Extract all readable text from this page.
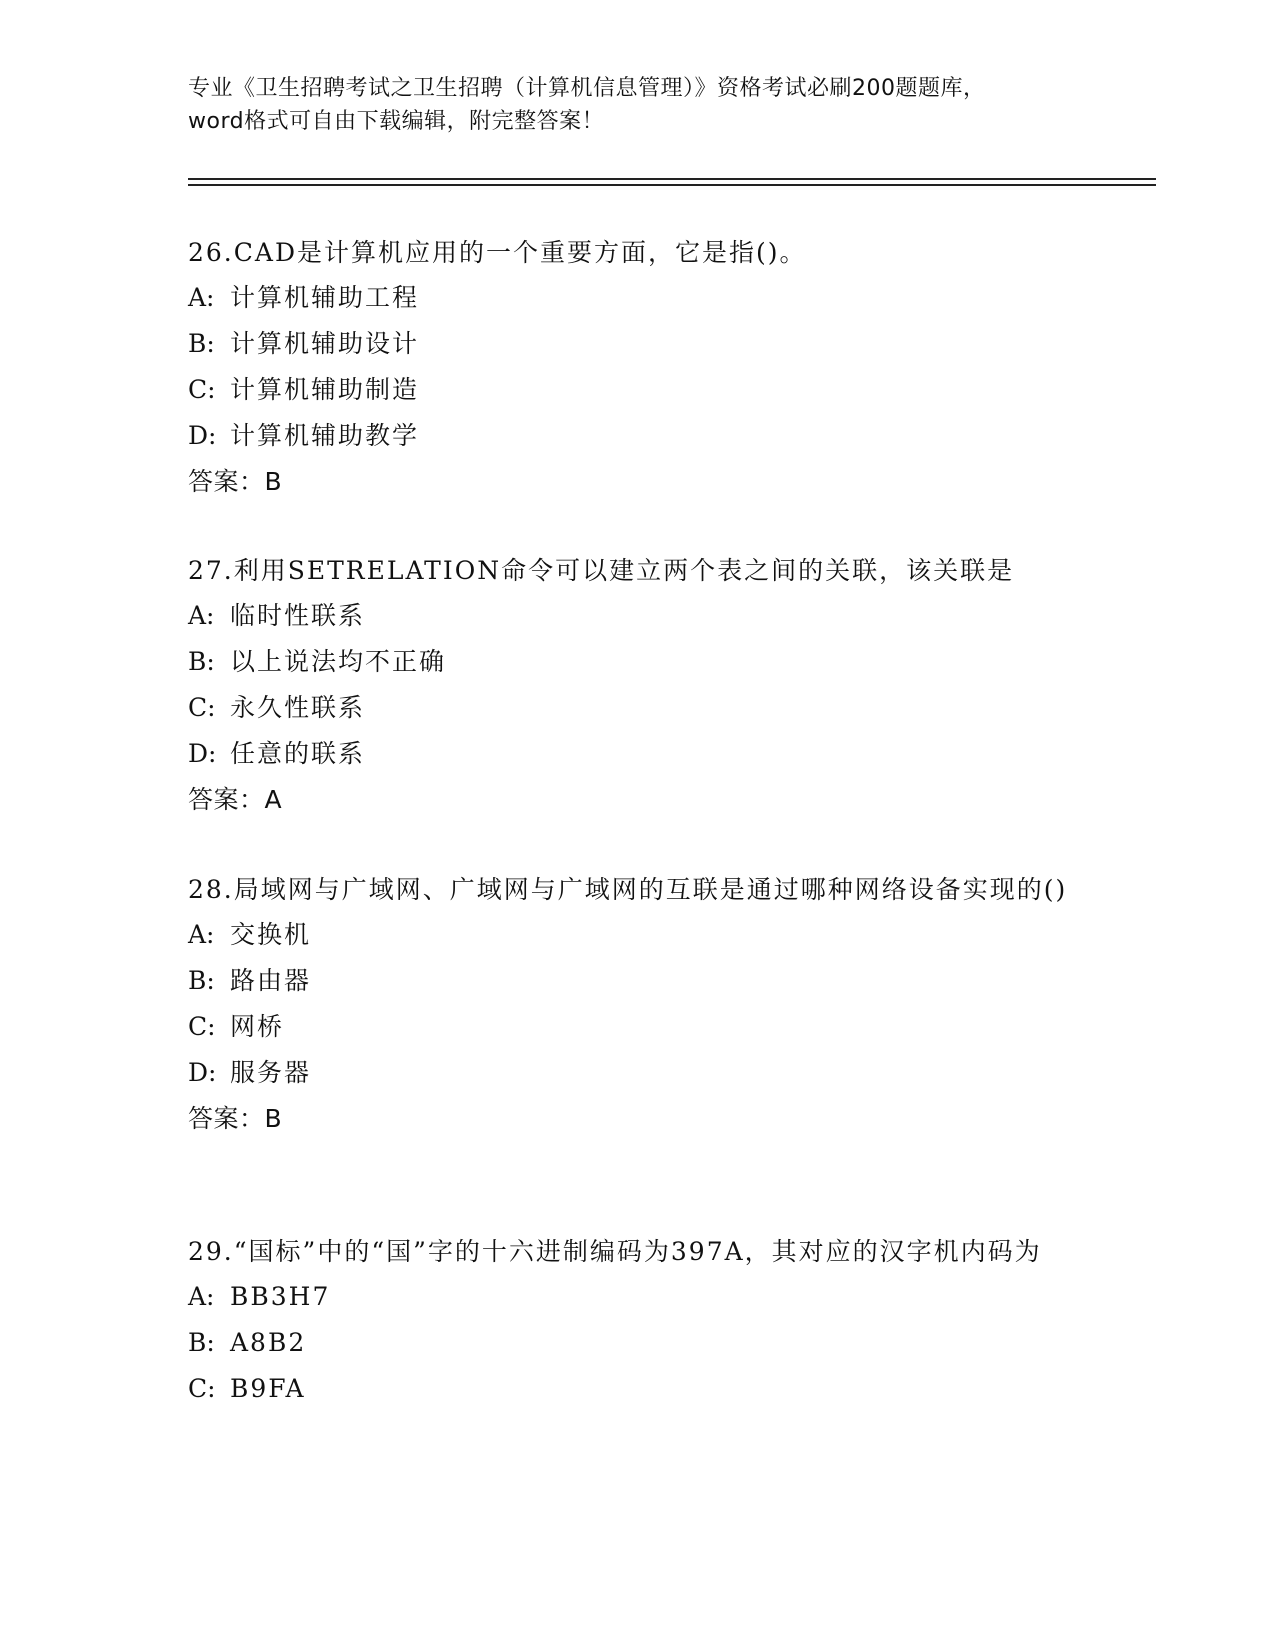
专业《卫生招聘考试之卫生招聘（计算机信息管理）》资格考试必刷200题题库，
word格式可自由下载编辑，附完整答案！

26.CAD是计算机应用的一个重要方面，它是指()。

A: 计算机辅助工程
B: 计算机辅助设计
C: 计算机辅助制造
D: 计算机辅助教学
答案：B

27.利用SETRELATION命令可以建立两个表之间的关联，该关联是

A: 临时性联系
B: 以上说法均不正确
C: 永久性联系
D: 任意的联系
答案：A

28.局域网与广域网、广域网与广域网的互联是通过哪种网络设备实现的()

A: 交换机
B: 路由器
C: 网桥
D: 服务器
答案：B

29.“国标”中的“国”字的十六进制编码为397A，其对应的汉字机内码为

A: BB3H7
B: A8B2
C: B9FA
